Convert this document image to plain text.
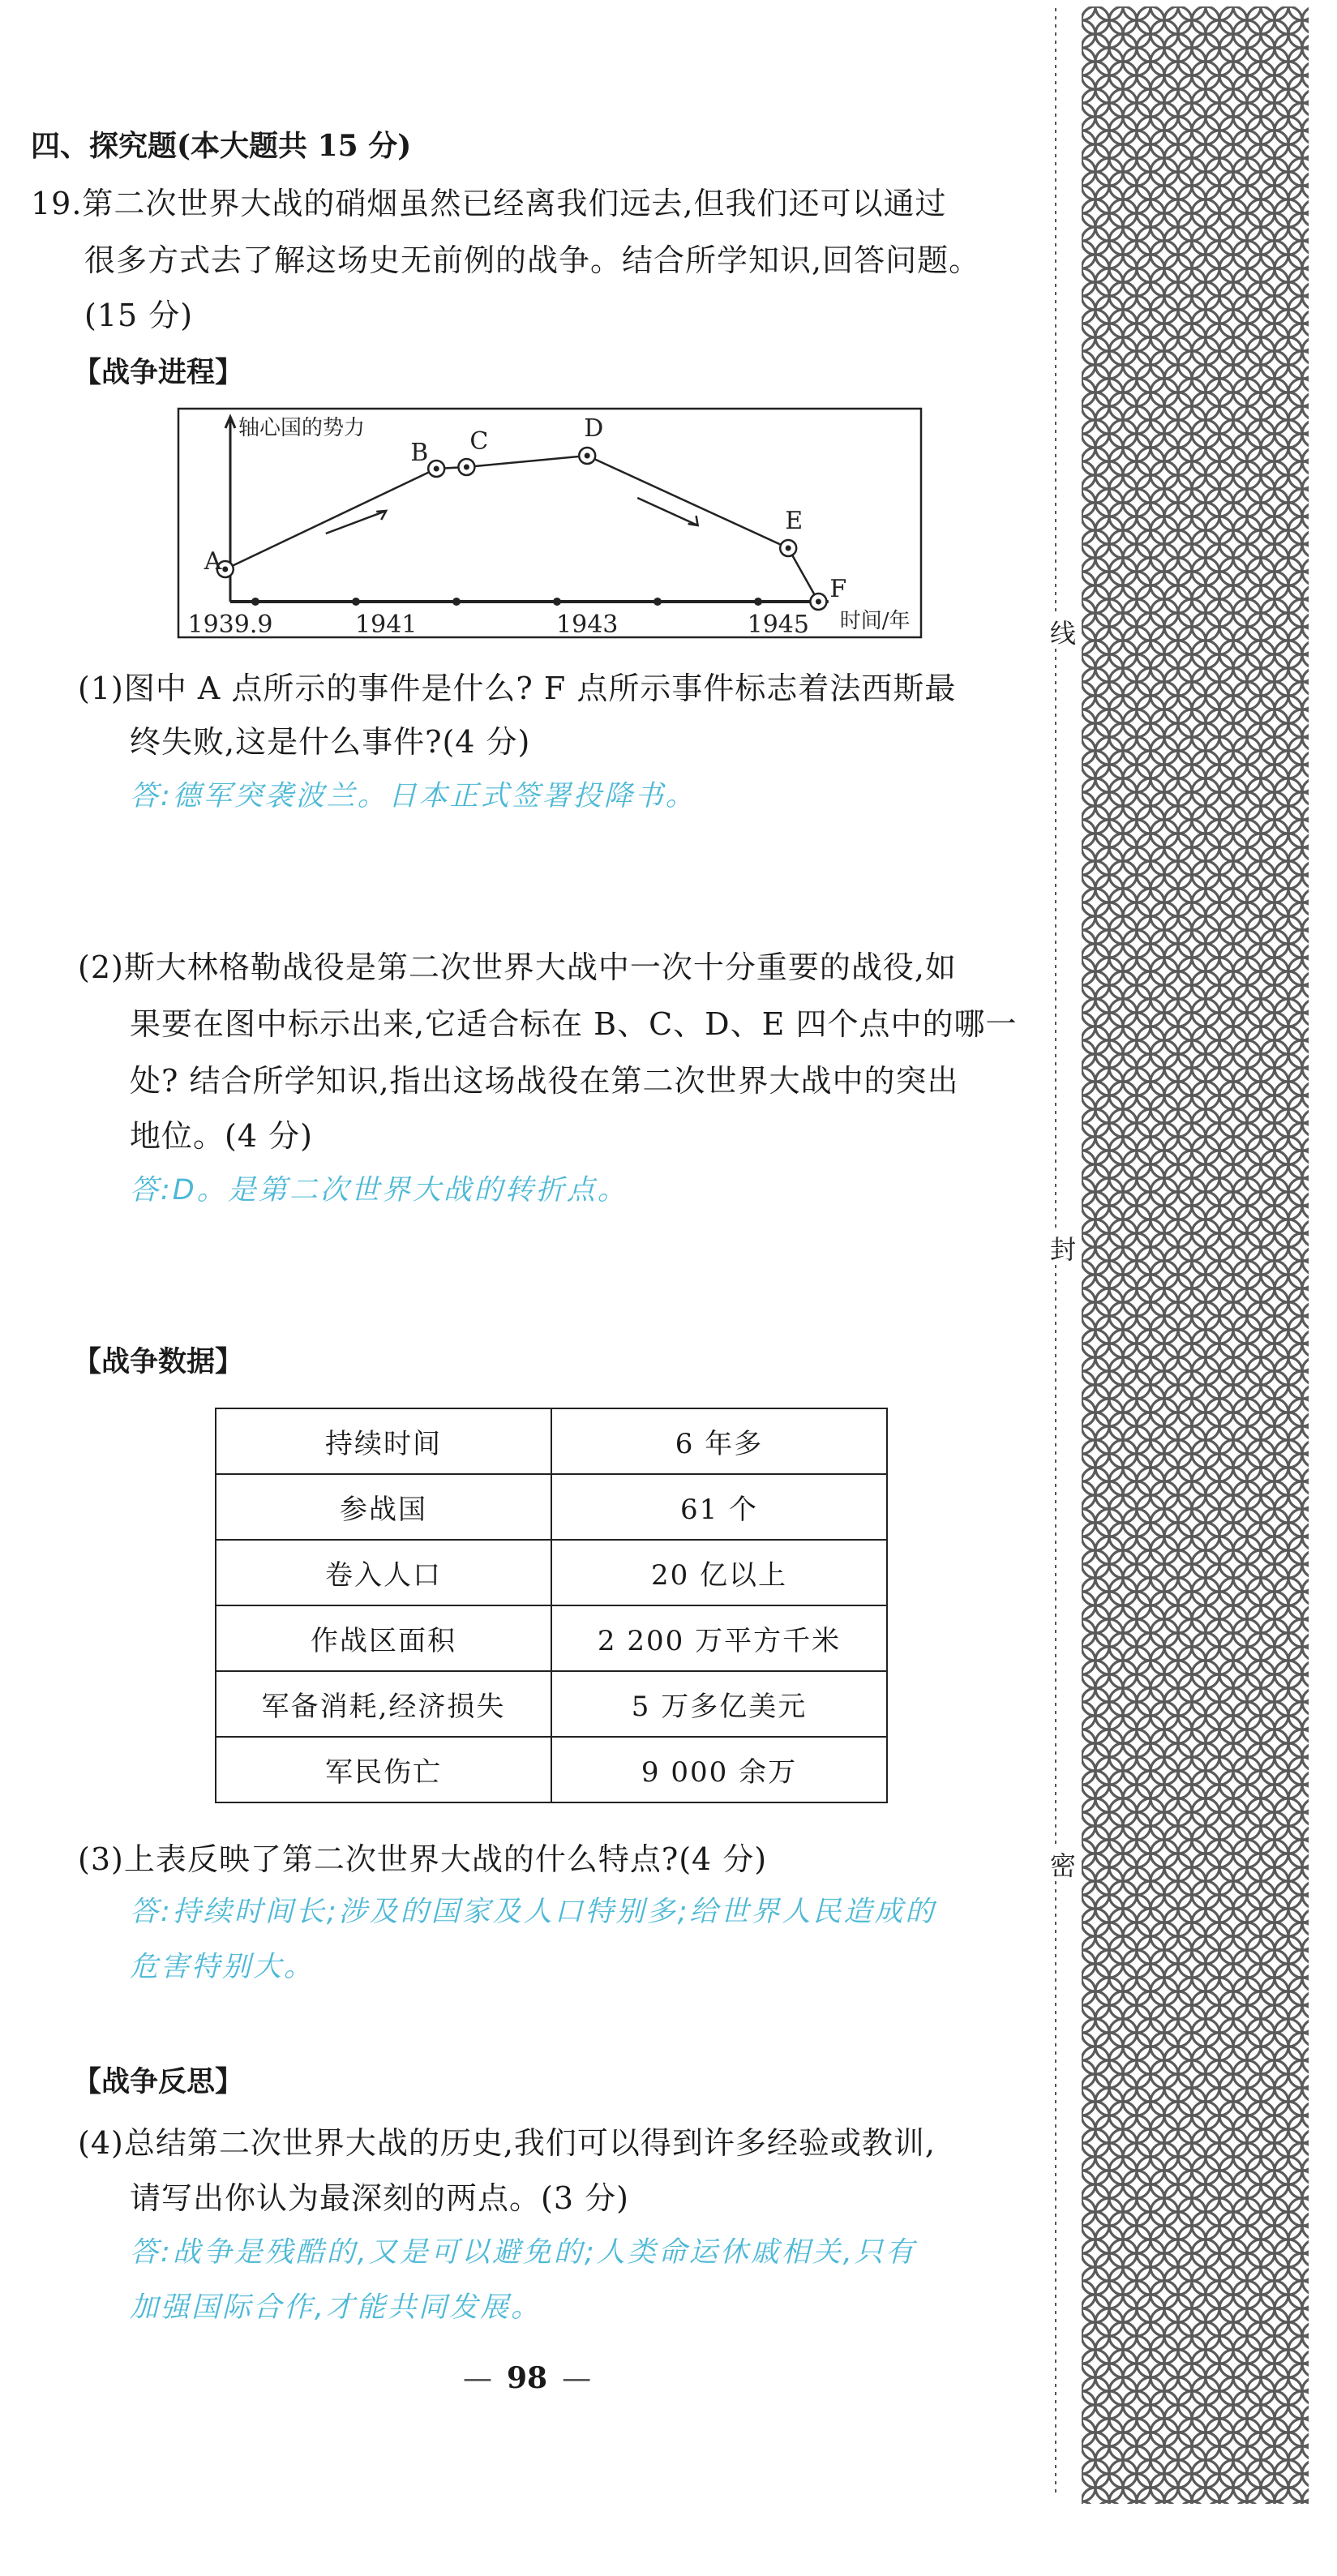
四、探究题(本大题共 15 分)
19.第二次世界大战的硝烟虽然已经离我们远去,但我们还可以通过
很多方式去了解这场史无前例的战争。结合所学知识,回答问题。
(15 分)
【战争进程】
轴心国的势力
时间/年
1939.9	1941	1943	1945
A
B C	D
E
F
(1)图中 A 点所示的事件是什么? F 点所示事件标志着法西斯最
终失败,这是什么事件?(4 分)
答:德军突袭波兰。日本正式签署投降书。
(2)斯大林格勒战役是第二次世界大战中一次十分重要的战役,如
果要在图中标示出来,它适合标在 B、C、D、E 四个点中的哪一
处? 结合所学知识,指出这场战役在第二次世界大战中的突出
地位。(4 分)
答:D。是第二次世界大战的转折点。
【战争数据】
持续时间	6 年多
参战国	61 个
卷入人口	20 亿以上
作战区面积	2 200 万平方千米
军备消耗,经济损失	5 万多亿美元
军民伤亡	9 000 余万
(3)上表反映了第二次世界大战的什么特点?(4 分)
答:持续时间长;涉及的国家及人口特别多;给世界人民造成的
危害特别大。
【战争反思】
(4)总结第二次世界大战的历史,我们可以得到许多经验或教训,
请写出你认为最深刻的两点。(3 分)
答:战争是残酷的,又是可以避免的;人类命运休戚相关,只有
加强国际合作,才能共同发展。
— 98 —
线
封
密
